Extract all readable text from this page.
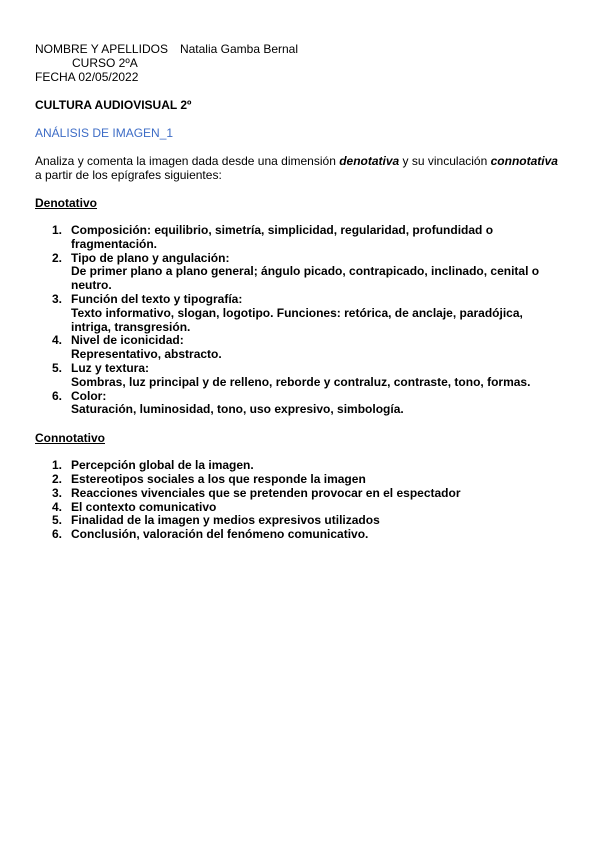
NOMBRE Y APELLIDOS Natalia Gamba Bernal
CURSO 2ºA
FECHA 02/05/2022
CULTURA AUDIOVISUAL 2º
ANÁLISIS DE IMAGEN_1
Analiza y comenta la imagen dada desde una dimensión denotativa y su vinculación connotativa a partir de los epígrafes siguientes:
Denotativo
1. Composición: equilibrio, simetría, simplicidad, regularidad, profundidad o fragmentación.
2. Tipo de plano y angulación:
De primer plano a plano general; ángulo picado, contrapicado, inclinado, cenital o neutro.
3. Función del texto y tipografía:
Texto informativo, slogan, logotipo. Funciones: retórica, de anclaje, paradójica, intriga, transgresión.
4. Nivel de iconicidad:
Representativo, abstracto.
5. Luz y textura:
Sombras, luz principal y de relleno, reborde y contraluz, contraste, tono, formas.
6. Color:
Saturación, luminosidad, tono, uso expresivo, simbología.
Connotativo
1. Percepción global de la imagen.
2. Estereotipos sociales a los que responde la imagen
3. Reacciones vivenciales que se pretenden provocar en el espectador
4. El contexto comunicativo
5. Finalidad de la imagen y medios expresivos utilizados
6. Conclusión, valoración del fenómeno comunicativo.
